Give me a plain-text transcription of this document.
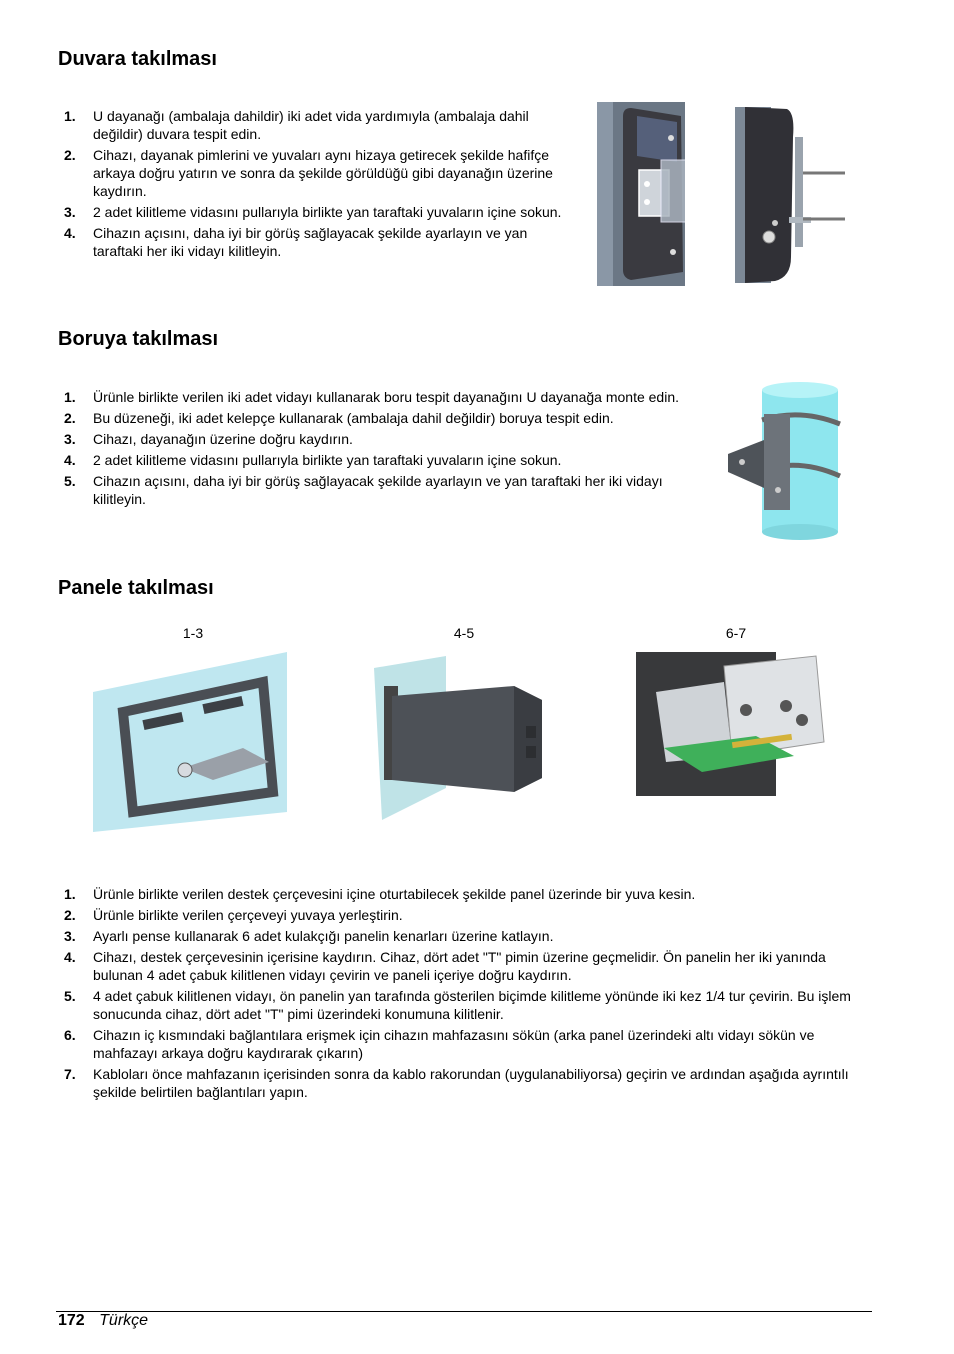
Duvara takılması
1. U dayanağı (ambalaja dahildir) iki adet vida yardımıyla (ambalaja dahil değildir) duvara tespit edin.
2. Cihazı, dayanak pimlerini ve yuvaları aynı hizaya getirecek şekilde hafifçe arkaya doğru yatırın ve sonra da şekilde görüldüğü gibi dayanağın üzerine kaydırın.
3. 2 adet kilitleme vidasını pullarıyla birlikte yan taraftaki yuvaların içine sokun.
4. Cihazın açısını, daha iyi bir görüş sağlayacak şekilde ayarlayın ve yan taraftaki her iki vidayı kilitleyin.
Boruya takılması
1. Ürünle birlikte verilen iki adet vidayı kullanarak boru tespit dayanağını U dayanağa monte edin.
2. Bu düzeneği, iki adet kelepçe kullanarak (ambalaja dahil değildir) boruya tespit edin.
3. Cihazı, dayanağın üzerine doğru kaydırın.
4. 2 adet kilitleme vidasını pullarıyla birlikte yan taraftaki yuvaların içine sokun.
5. Cihazın açısını, daha iyi bir görüş sağlayacak şekilde ayarlayın ve yan taraftaki her iki vidayı kilitleyin.
Panele takılması
1-3	4-5	6-7
1. Ürünle birlikte verilen destek çerçevesini içine oturtabilecek şekilde panel üzerinde bir yuva kesin.
2. Ürünle birlikte verilen çerçeveyi yuvaya yerleştirin.
3. Ayarlı pense kullanarak 6 adet kulakçığı panelin kenarları üzerine katlayın.
4. Cihazı, destek çerçevesinin içerisine kaydırın. Cihaz, dört adet "T" pimin üzerine geçmelidir. Ön panelin her iki yanında bulunan 4 adet çabuk kilitlenen vidayı çevirin ve paneli içeriye doğru kaydırın.
5. 4 adet çabuk kilitlenen vidayı, ön panelin yan tarafında gösterilen biçimde kilitleme yönünde iki kez 1/4 tur çevirin. Bu işlem sonucunda cihaz, dört adet "T" pimi üzerindeki konumuna kilitlenir.
6. Cihazın iç kısmındaki bağlantılara erişmek için cihazın mahfazasını sökün (arka panel üzerindeki altı vidayı sökün ve mahfazayı arkaya doğru kaydırarak çıkarın)
7. Kabloları önce mahfazanın içerisinden sonra da kablo rakorundan (uygulanabiliyorsa) geçirin ve ardından aşağıda ayrıntılı şekilde belirtilen bağlantıları yapın.
172 Türkçe
